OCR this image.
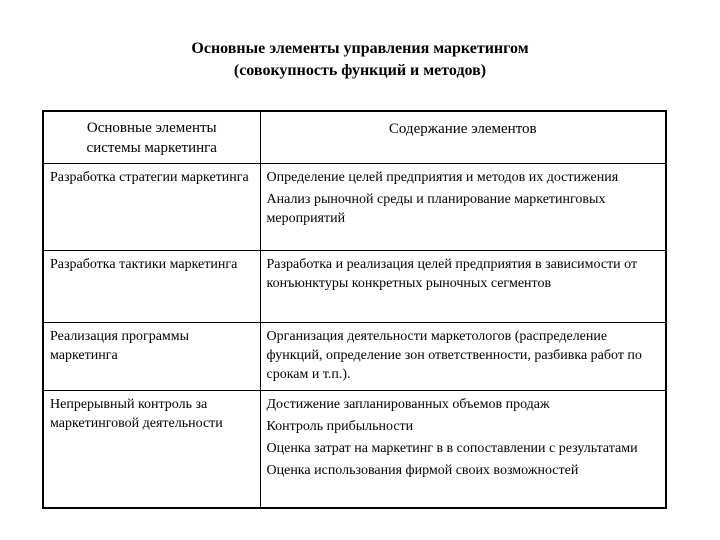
Основные элементы управления маркетингом
(совокупность функций и методов)
Основные элементы системы маркетинга	Содержание элементов
Разработка стратегии маркетинга	Определение целей предприятия и методов их достижения
Анализ рыночной среды и планирование маркетинговых мероприятий

Разработка тактики маркетинга	Разработка и реализация целей предприятия в зависимости от конъюнктуры конкретных рыночных сегментов

Реализация программы маркетинга	Организация деятельности маркетологов (распределение функций, определение зон ответственности, разбивка работ по срокам и т.п.).

Непрерывный контроль за маркетинговой деятельности	Достижение запланированных объемов продаж
Контроль прибыльности
Оценка затрат на маркетинг в в сопоставлении с результатами
Оценка использования фирмой своих возможностей
